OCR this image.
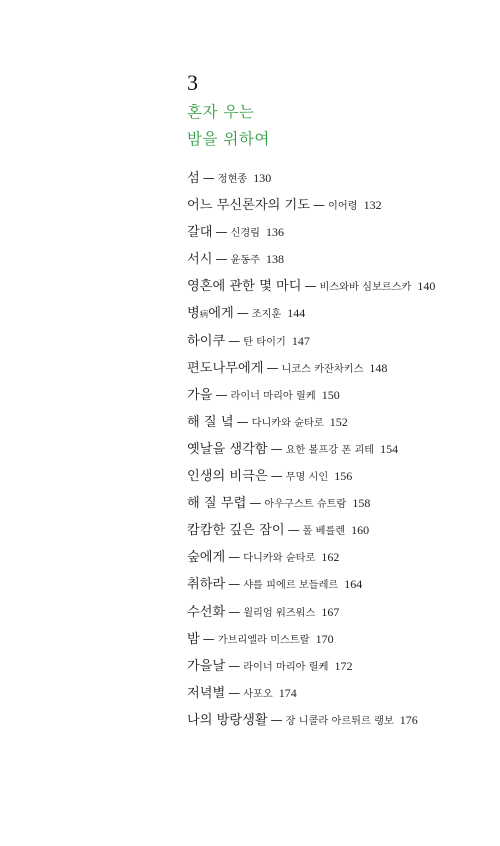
3
혼자 우는
밤을 위하여
섬 — 정현종 130
어느 무신론자의 기도 — 이어령 132
갈대 — 신경림 136
서시 — 윤동주 138
영혼에 관한 몇 마디 — 비스와바 심보르스카 140
병病에게 — 조지훈 144
하이쿠 — 탄 타이기 147
편도나무에게 — 니코스 카잔차키스 148
가을 — 라이너 마리아 릴케 150
해 질 녘 — 다니카와 슌타로 152
옛날을 생각함 — 요한 볼프강 폰 괴테 154
인생의 비극은 — 무명 시인 156
해 질 무렵 — 아우구스트 슈트람 158
캄캄한 깊은 잠이 — 폴 베를렌 160
숲에게 — 다니카와 슌타로 162
취하라 — 샤를 피에르 보들레르 164
수선화 — 윌리엄 워즈워스 167
밤 — 가브리엘라 미스트랄 170
가을날 — 라이너 마리아 릴케 172
저녁별 — 사포오 174
나의 방랑생활 — 장 니콜라 아르튀르 랭보 176
